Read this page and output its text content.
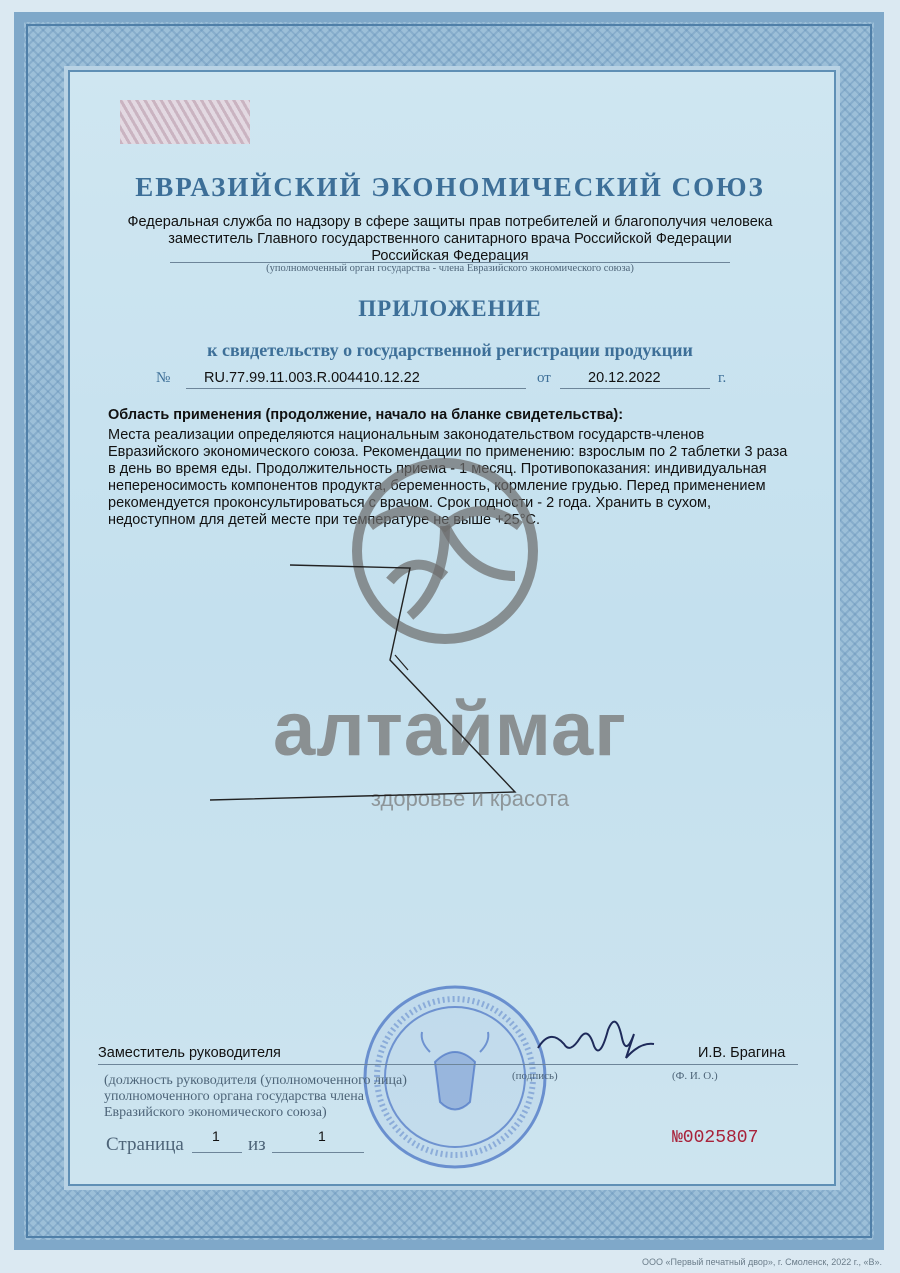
ЕВРАЗИЙСКИЙ ЭКОНОМИЧЕСКИЙ СОЮЗ
Федеральная служба по надзору в сфере защиты прав потребителей и благополучия человека
заместитель Главного государственного санитарного врача Российской Федерации
Российская Федерация
(уполномоченный орган государства - члена Евразийского экономического союза)
ПРИЛОЖЕНИЕ
к свидетельству о государственной регистрации продукции
№ RU.77.99.11.003.R.004410.12.22	от	20.12.2022	г.
Область применения (продолжение, начало на бланке свидетельства):
Места реализации определяются национальным законодательством государств-членов Евразийского экономического союза. Рекомендации по применению: взрослым по 2 таблетки 3 раза в день во время еды. Продолжительность приема - 1 месяц. Противопоказания: индивидуальная непереносимость компонентов продукта, беременность, кормление грудью. Перед применением рекомендуется проконсультироваться с врачом. Срок годности - 2 года. Хранить в сухом, недоступном для детей месте при температуре не выше +25°С.
алтаймаг
здоровье и красота
Заместитель руководителя	И.В. Брагина
(должность руководителя (уполномоченного лица) уполномоченного органа государства члена Евразийского экономического союза)
(подпись)	(Ф. И. О.)
Страница 1 из	1	№0025807
ООО «Первый печатный двор», г. Смоленск, 2022 г., «В».
